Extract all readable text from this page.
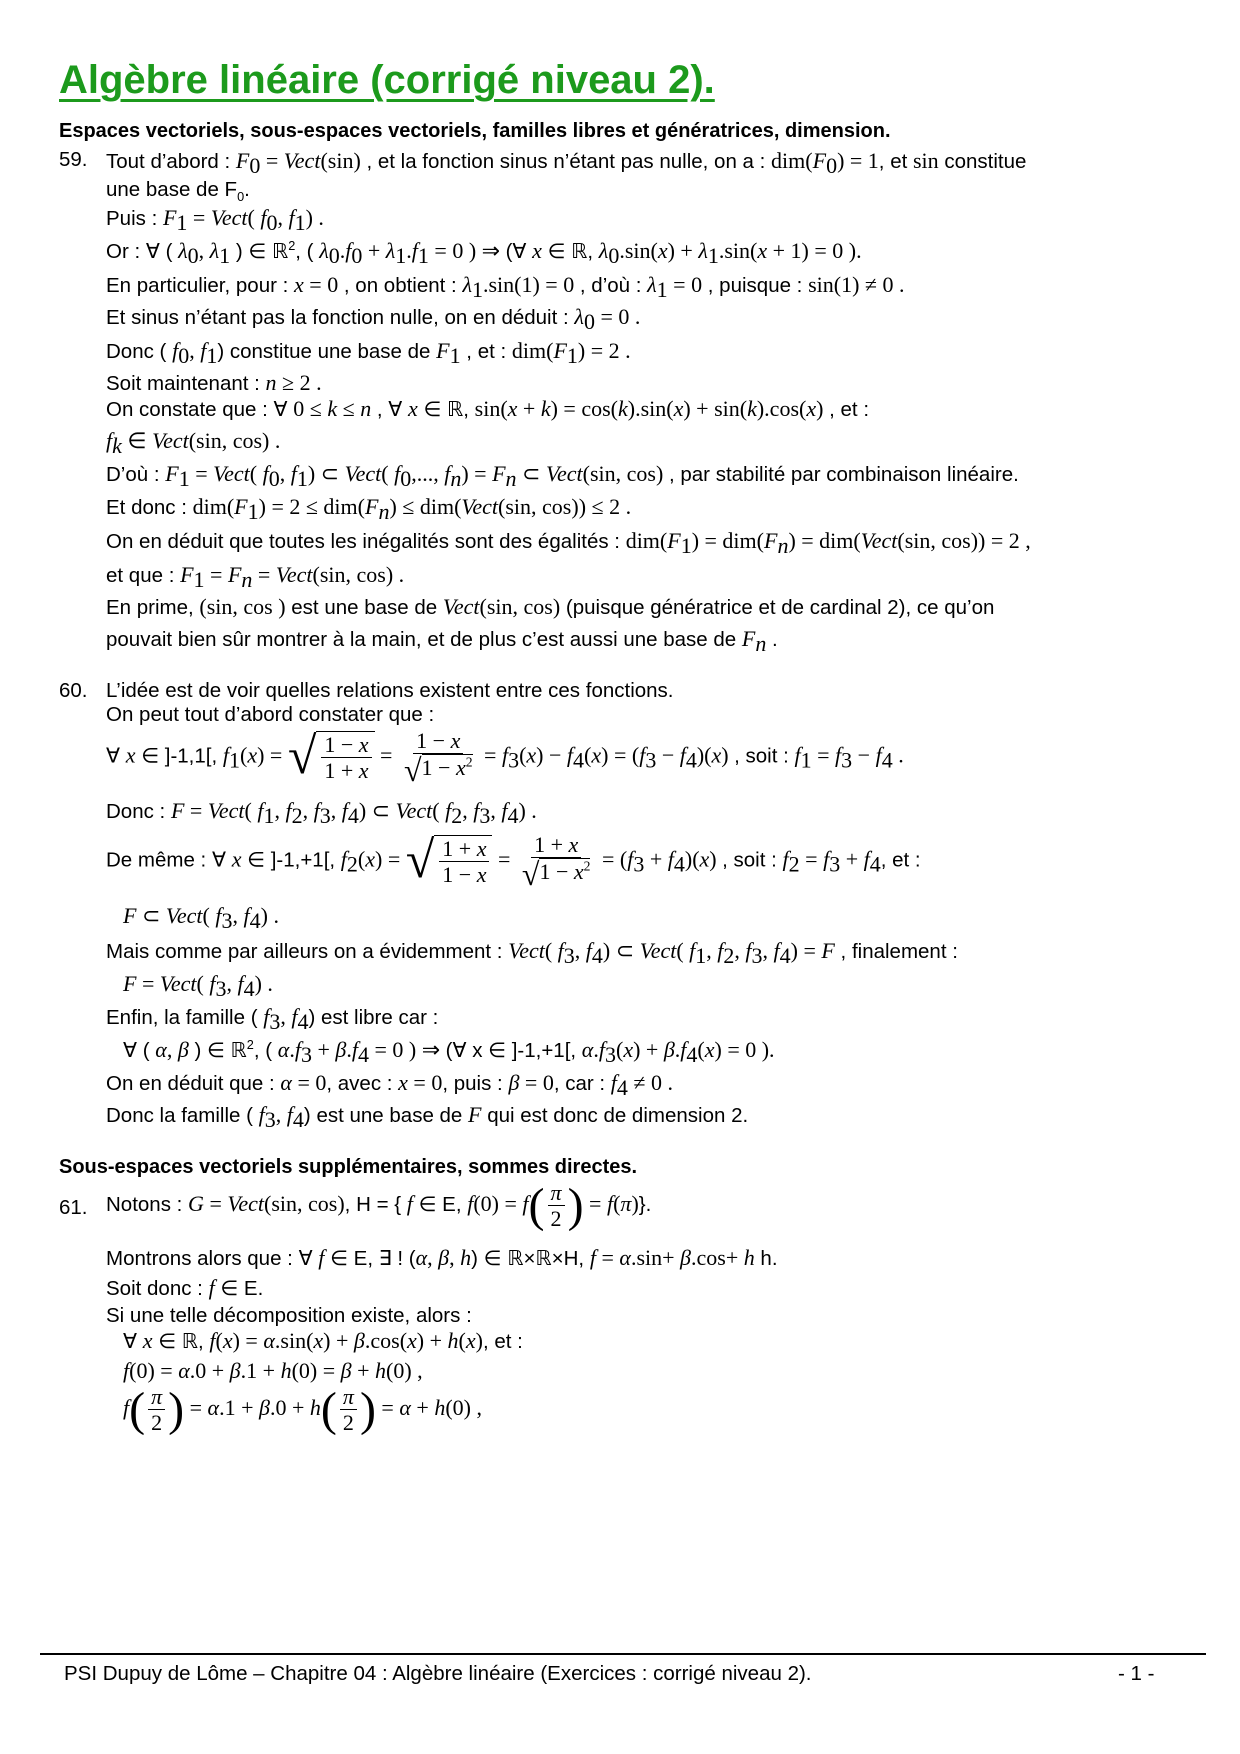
Algèbre linéaire (corrigé niveau 2).
Espaces vectoriels, sous-espaces vectoriels, familles libres et génératrices, dimension.
59. Tout d’abord : $F_0$ = Vect(sin) , et la fonction sinus n’étant pas nulle, on a : $dim(F_0) = 1$, et sin constitue
une base de $F_0$.
Puis : $F_1$ = Vect( $f_0$, $f_1$) .
Or : ∀ ( $\lambda_0$, $\lambda_1$ ) ∈ ℝ$^2$, ( $\lambda_0.f_0 + \lambda_1.f_1 = 0$ ) ⇒ (∀ x ∈ ℝ, $\lambda_0.\sin(x) + \lambda_1.\sin(x + 1) = 0$ ).
En particulier, pour : x = 0 , on obtient : $\lambda_1.\sin(1) = 0$ , d’où : $\lambda_1 = 0$ , puisque : sin(1) ≠ 0 .
Et sinus n’étant pas la fonction nulle, on en déduit : $\lambda_0 = 0$ .
Donc ( $f_0$, $f_1$) constitue une base de $F_1$ , et : $dim(F_1) = 2$ .
Soit maintenant : n ≥ 2 .
On constate que : ∀ 0 ≤ k ≤ n , ∀ x ∈ ℝ, sin(x + k) = cos(k).sin(x) + sin(k).cos(x) , et :
$f_k$ ∈ Vect(sin, cos) .
D’où : $F_1$ = Vect( $f_0$, $f_1$) ⊂ Vect( $f_0$,..., $f_n) = F_n$ ⊂ Vect(sin, cos) , par stabilité par combinaison linéaire.
Et donc : $dim(F_1) = 2 \le dim(F_n)$ ≤ dim(Vect(sin, cos)) ≤ 2 .
On en déduit que toutes les inégalités sont des égalités : $dim(F_1) = dim(F_n)$ = dim(Vect(sin, cos)) = 2 ,
et que : $F_1 = F_n$ = Vect(sin, cos) .
En prime, (sin, cos ) est une base de Vect(sin, cos) (puisque génératrice et de cardinal 2), ce qu’on
pouvait bien sûr montrer à la main, et de plus c’est aussi une base de $F_n$ .
60. L’idée est de voir quelles relations existent entre ces fonctions.
On peut tout d’abord constater que :
∀ x ∈ ]-1,1[, $f_1(x)$ = √ $\frac{1 - x}{1 + x} = \frac{1 - x}{√1 - x^2} = f_3(x) - f_4(x) = (f_3 - f_4)(x)$ , soit : $f_1 = f_3 - f_4$ .
Donc : F = Vect( $f_1$, $f_2$, $f_3$, $f_4$) ⊂ Vect( $f_2$, $f_3$, $f_4$) .
De même : ∀ x ∈ ]-1,+1[, $f_2(x)$ = √ $\frac{1 + x}{1 - x} = \frac{1 + x}{√1 - x^2} = (f_3 + f_4)(x)$ , soit : $f_2 = f_3 + f_4$, et :
F ⊂ Vect( $f_3$, $f_4$) .
Mais comme par ailleurs on a évidemment : Vect( $f_3$, $f_4$) ⊂ Vect( $f_1$, $f_2$, $f_3$, $f_4) = F$ , finalement :
F = Vect( $f_3$, $f_4$) .
Enfin, la famille ( $f_3$, $f_4$) est libre car :
∀ ( α, β ) ∈ ℝ$^2$, ( $\alpha.f_3 + \beta.f_4 = 0$ ) ⇒ (∀ x ∈ ]-1,+1[, $\alpha.f_3(x) + \beta.f_4(x) = 0$ ).
On en déduit que : α = 0, avec : x = 0, puis : β = 0, car : $f_4 \ne 0$ .
Donc la famille ( $f_3$, $f_4$) est une base de F qui est donc de dimension 2.
Sous-espaces vectoriels supplémentaires, sommes directes.
61. Notons : G = Vect(sin, cos), H = { f ∈ E, $f(0) = f( \frac{\pi}{2}$ ) = f(π)}.
Montrons alors que : ∀ f ∈ E, ∃ ! (α, β, h) ∈ ℝ×ℝ×H, f = α.sin+ β.cos+ h h.
Soit donc : f ∈ E.
Si une telle décomposition existe, alors :
∀ x ∈ ℝ, f(x) = α.sin(x) + β.cos(x) + h(x), et :
f(0) = α.0 + β.1 + h(0) = β + h(0) ,
$f( \frac{\pi}{2}$ ) = $\alpha.1 + \beta.0 + h( \frac{\pi}{2}$ ) = α + h(0) ,
PSI Dupuy de Lôme – Chapitre 04 : Algèbre linéaire (Exercices : corrigé niveau 2).	- 1 -
